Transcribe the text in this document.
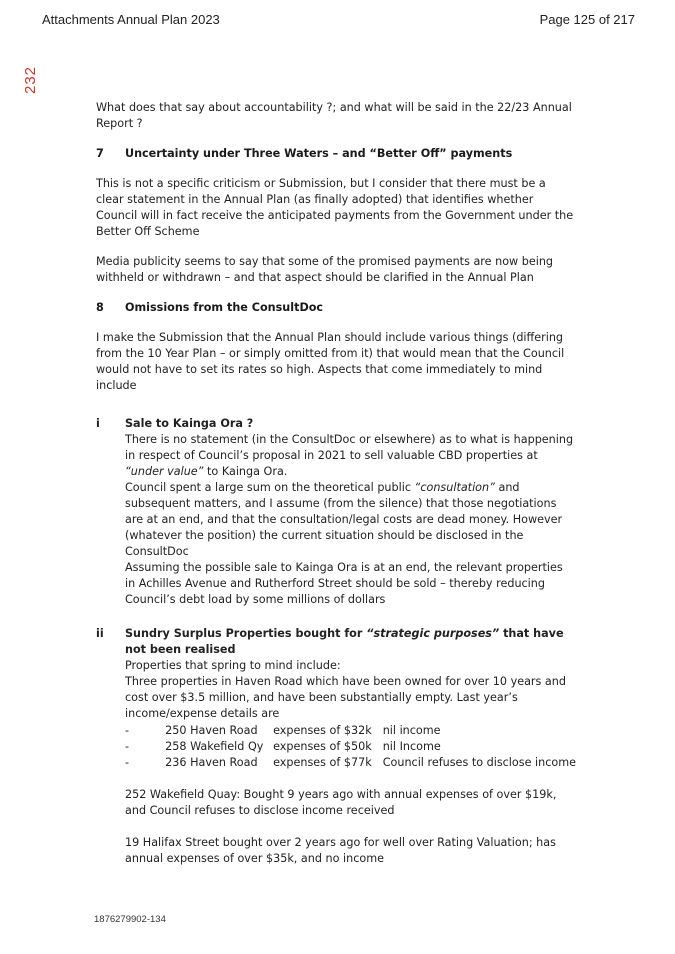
Attachments Annual Plan 2023	Page 125 of 217
232

What does that say about accountability ?; and what will be said in the 22/23 Annual Report ?

7	Uncertainty under Three Waters – and “Better Off” payments

This is not a specific criticism or Submission, but I consider that there must be a clear statement in the Annual Plan (as finally adopted) that identifies whether Council will in fact receive the anticipated payments from the Government under the Better Off Scheme

Media publicity seems to say that some of the promised payments are now being withheld or withdrawn – and that aspect should be clarified in the Annual Plan

8	Omissions from the ConsultDoc

I make the Submission that the Annual Plan should include various things (differing from the 10 Year Plan – or simply omitted from it) that would mean that the Council would not have to set its rates so high. Aspects that come immediately to mind include

i	Sale to Kainga Ora ?

There is no statement (in the ConsultDoc or elsewhere) as to what is happening in respect of Council’s proposal in 2021 to sell valuable CBD properties at “under value” to Kainga Ora.

Council spent a large sum on the theoretical public “consultation” and subsequent matters, and I assume (from the silence) that those negotiations are at an end, and that the consultation/legal costs are dead money. However (whatever the position) the current situation should be disclosed in the ConsultDoc

Assuming the possible sale to Kainga Ora is at an end, the relevant properties in Achilles Avenue and Rutherford Street should be sold – thereby reducing Council’s debt load by some millions of dollars

ii	Sundry Surplus Properties bought for “strategic purposes” that have not been realised

Properties that spring to mind include:

Three properties in Haven Road which have been owned for over 10 years and cost over $3.5 million, and have been substantially empty. Last year’s income/expense details are

-	250 Haven Road	expenses of $32k	nil income
-	258 Wakefield Qy	expenses of $50k	nil Income
-	236 Haven Road	expenses of $77k	Council refuses to disclose income

252 Wakefield Quay: Bought 9 years ago with annual expenses of over $19k, and Council refuses to disclose income received

19 Halifax Street bought over 2 years ago for well over Rating Valuation; has annual expenses of over $35k, and no income

1876279902-134
